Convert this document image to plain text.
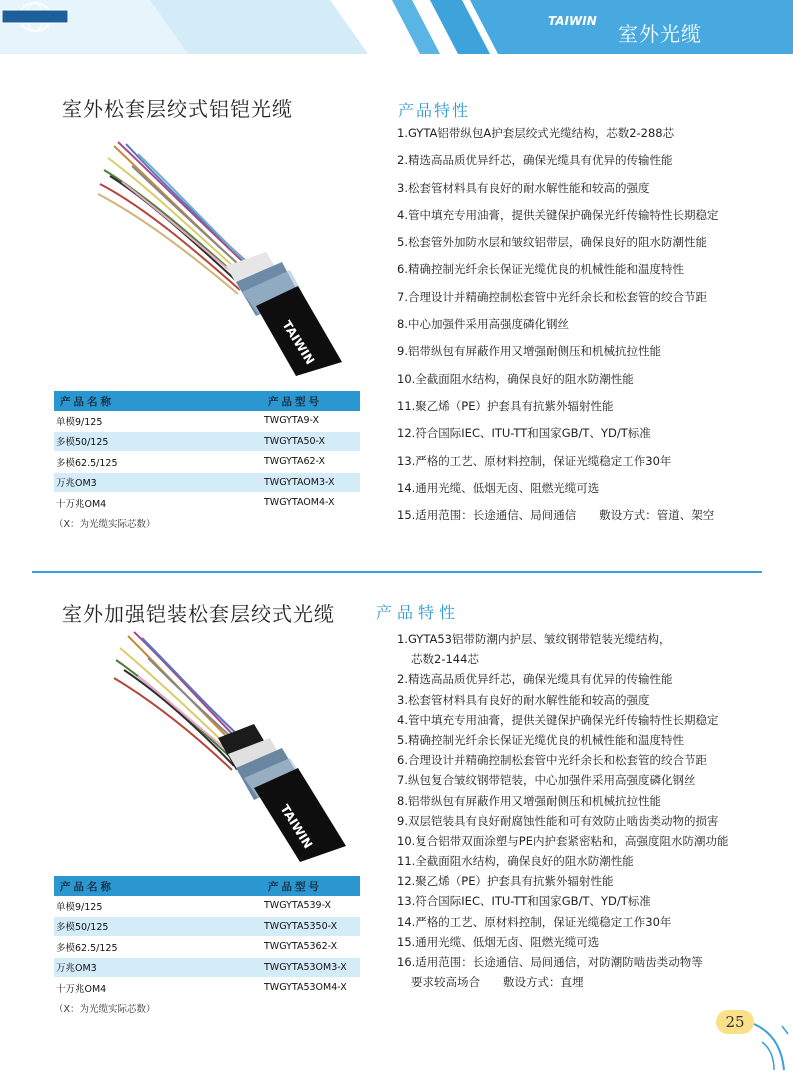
TAIWIN
室外光缆
室外松套层绞式铝铠光缆
TAIWIN
产品名称	产品型号
单模9/125	TWGYTA9-X
多模50/125	TWGYTA50-X
多模62.5/125	TWGYTA62-X
万兆OM3	TWGYTAOM3-X
十万兆OM4	TWGYTAOM4-X
（X：为光缆实际芯数）
产品特性
1.GYTA铝带纵包A护套层绞式光缆结构，芯数2-288芯
2.精选高品质优异纤芯，确保光缆具有优异的传输性能
3.松套管材料具有良好的耐水解性能和较高的强度
4.管中填充专用油膏，提供关键保护确保光纤传输特性长期稳定
5.松套管外加防水层和皱纹铝带层，确保良好的阻水防潮性能
6.精确控制光纤余长保证光缆优良的机械性能和温度特性
7.合理设计并精确控制松套管中光纤余长和松套管的绞合节距
8.中心加强件采用高强度磷化钢丝
9.铝带纵包有屏蔽作用又增强耐侧压和机械抗拉性能
10.全截面阻水结构，确保良好的阻水防潮性能
11.聚乙烯（PE）护套具有抗紫外辐射性能
12.符合国际IEC、ITU-TT和国家GB/T、YD/T标准
13.严格的工艺、原材料控制，保证光缆稳定工作30年
14.通用光缆、低烟无卤、阻燃光缆可选
15.适用范围：长途通信、局间通信　　敷设方式：管道、架空
室外加强铠装松套层绞式光缆	产品特性
TAIWIN
产品名称	产品型号
单模9/125	TWGYTA539-X
多模50/125	TWGYTA5350-X
多模62.5/125	TWGYTA5362-X
万兆OM3	TWGYTA53OM3-X
十万兆OM4	TWGYTA53OM4-X
（X：为光缆实际芯数）
1.GYTA53铝带防潮内护层、皱纹钢带铠装光缆结构，
芯数2-144芯
2.精选高品质优异纤芯，确保光缆具有优异的传输性能
3.松套管材料具有良好的耐水解性能和较高的强度
4.管中填充专用油膏，提供关键保护确保光纤传输特性长期稳定
5.精确控制光纤余长保证光缆优良的机械性能和温度特性
6.合理设计并精确控制松套管中光纤余长和松套管的绞合节距
7.纵包复合皱纹钢带铠装，中心加强件采用高强度磷化钢丝
8.铝带纵包有屏蔽作用又增强耐侧压和机械抗拉性能
9.双层铠装具有良好耐腐蚀性能和可有效防止啮齿类动物的损害
10.复合铝带双面涂塑与PE内护套紧密粘和，高强度阻水防潮功能
11.全截面阻水结构，确保良好的阻水防潮性能
12.聚乙烯（PE）护套具有抗紫外辐射性能
13.符合国际IEC、ITU-TT和国家GB/T、YD/T标准
14.严格的工艺、原材料控制，保证光缆稳定工作30年
15.通用光缆、低烟无卤、阻燃光缆可选
16.适用范围：长途通信、局间通信，对防潮防啮齿类动物等
要求较高场合　　敷设方式：直埋
25
